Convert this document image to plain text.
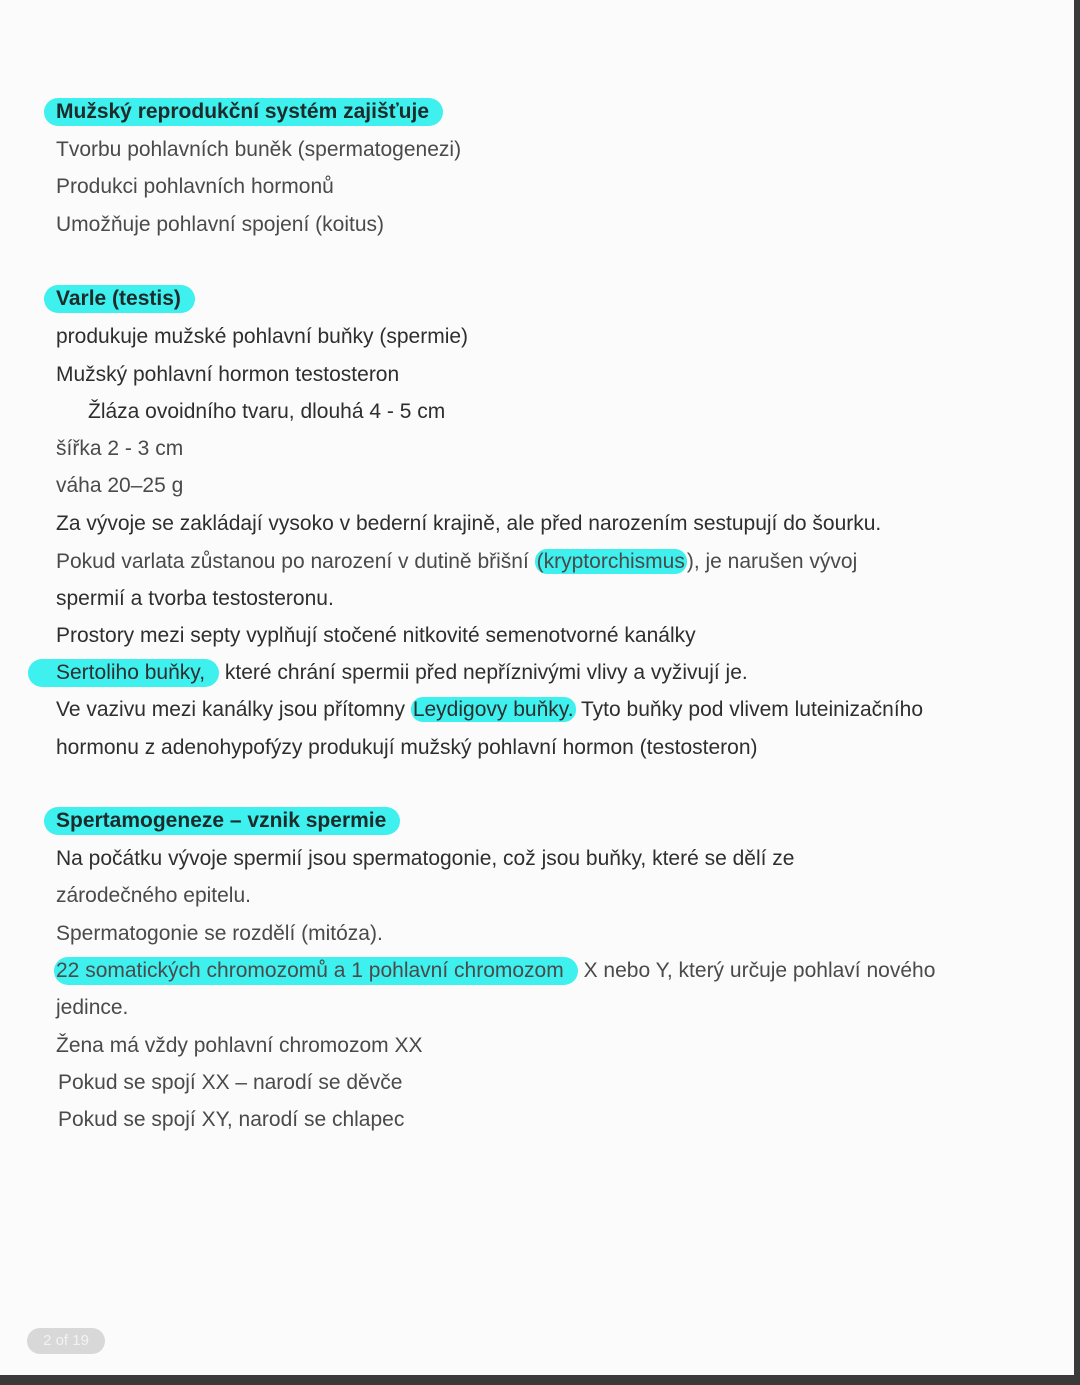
Mužský reprodukční systém zajišťuje
Tvorbu pohlavních buněk (spermatogenezi)
Produkci pohlavních hormonů
Umožňuje pohlavní spojení (koitus)
Varle (testis)
produkuje mužské pohlavní buňky (spermie)
Mužský pohlavní hormon testosteron
Žláza ovoidního tvaru, dlouhá 4 - 5 cm
šířka 2 - 3 cm
váha 20–25 g
Za vývoje se zakládají vysoko v bederní krajině, ale před narozením sestupují do šourku.
Pokud varlata zůstanou po narození v dutině břišní (kryptorchismus), je narušen vývoj
spermií a tvorba testosteronu.
Prostory mezi septy vyplňují stočené nitkovité semenotvorné kanálky
Sertoliho buňky, které chrání spermii před nepříznivými vlivy a vyživují je.
Ve vazivu mezi kanálky jsou přítomny Leydigovy buňky. Tyto buňky pod vlivem luteinizačního
hormonu z adenohypofýzy produkují mužský pohlavní hormon (testosteron)
Spertamogeneze – vznik spermie
Na počátku vývoje spermií jsou spermatogonie, což jsou buňky, které se dělí ze
zárodečného epitelu.
Spermatogonie se rozdělí (mitóza).
22 somatických chromozomů a 1 pohlavní chromozom X nebo Y, který určuje pohlaví nového
jedince.
Žena má vždy pohlavní chromozom XX
Pokud se spojí XX – narodí se děvče
Pokud se spojí XY, narodí se chlapec
2 of 19
